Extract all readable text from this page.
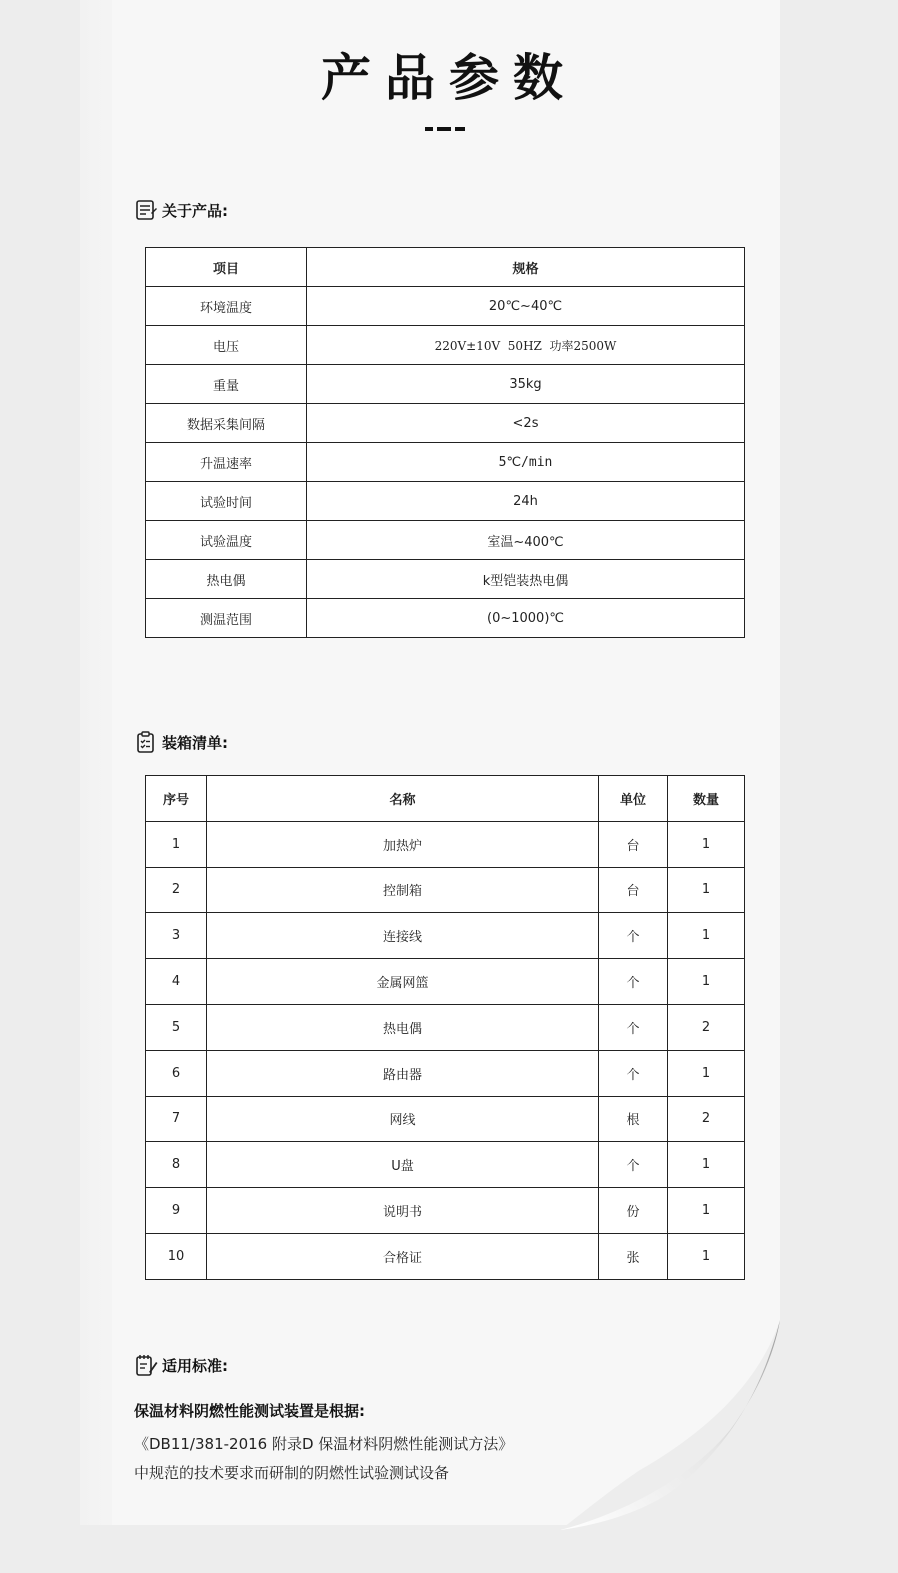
产品参数
关于产品:
项目	规格
环境温度	20℃~40℃
电压	220V±10V  50HZ  功率2500W
重量	35kg
数据采集间隔	<2s
升温速率	5℃/min
试验时间	24h
试验温度	室温~400℃
热电偶	k型铠装热电偶
测温范围	(0~1000)℃
装箱清单:
序号	名称	单位	数量
1	加热炉	台	1
2	控制箱	台	1
3	连接线	个	1
4	金属网篮	个	1
5	热电偶	个	2
6	路由器	个	1
7	网线	根	2
8	U盘	个	1
9	说明书	份	1
10	合格证	张	1
适用标准:
保温材料阴燃性能测试装置是根据:
《DB11/381-2016 附录D 保温材料阴燃性能测试方法》
中规范的技术要求而研制的阴燃性试验测试设备
